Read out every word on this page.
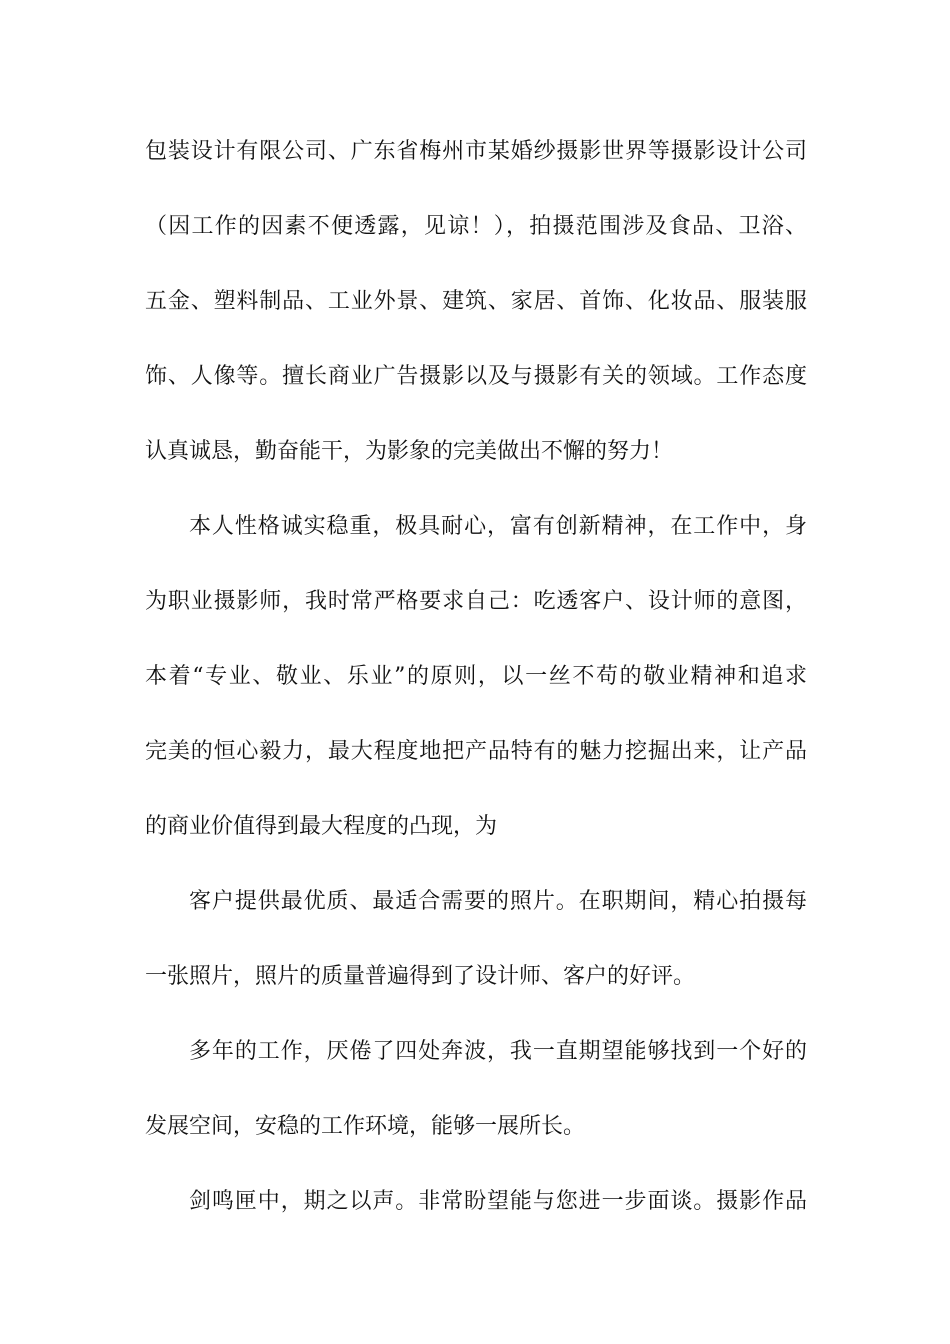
包装设计有限公司、广东省梅州市某婚纱摄影世界等摄影设计公司
（因工作的因素不便透露，见谅！），拍摄范围涉及食品、卫浴、
五金、塑料制品、工业外景、建筑、家居、首饰、化妆品、服装服
饰、人像等。擅长商业广告摄影以及与摄影有关的领域。工作态度
认真诚恳，勤奋能干，为影象的完美做出不懈的努力！
本人性格诚实稳重，极具耐心，富有创新精神，在工作中，身
为职业摄影师，我时常严格要求自己：吃透客户、设计师的意图，
本着“专业、敬业、乐业”的原则，以一丝不苟的敬业精神和追求
完美的恒心毅力，最大程度地把产品特有的魅力挖掘出来，让产品
的商业价值得到最大程度的凸现，为
客户提供最优质、最适合需要的照片。在职期间，精心拍摄每
一张照片，照片的质量普遍得到了设计师、客户的好评。
多年的工作，厌倦了四处奔波，我一直期望能够找到一个好的
发展空间，安稳的工作环境，能够一展所长。
剑鸣匣中，期之以声。非常盼望能与您进一步面谈。摄影作品
